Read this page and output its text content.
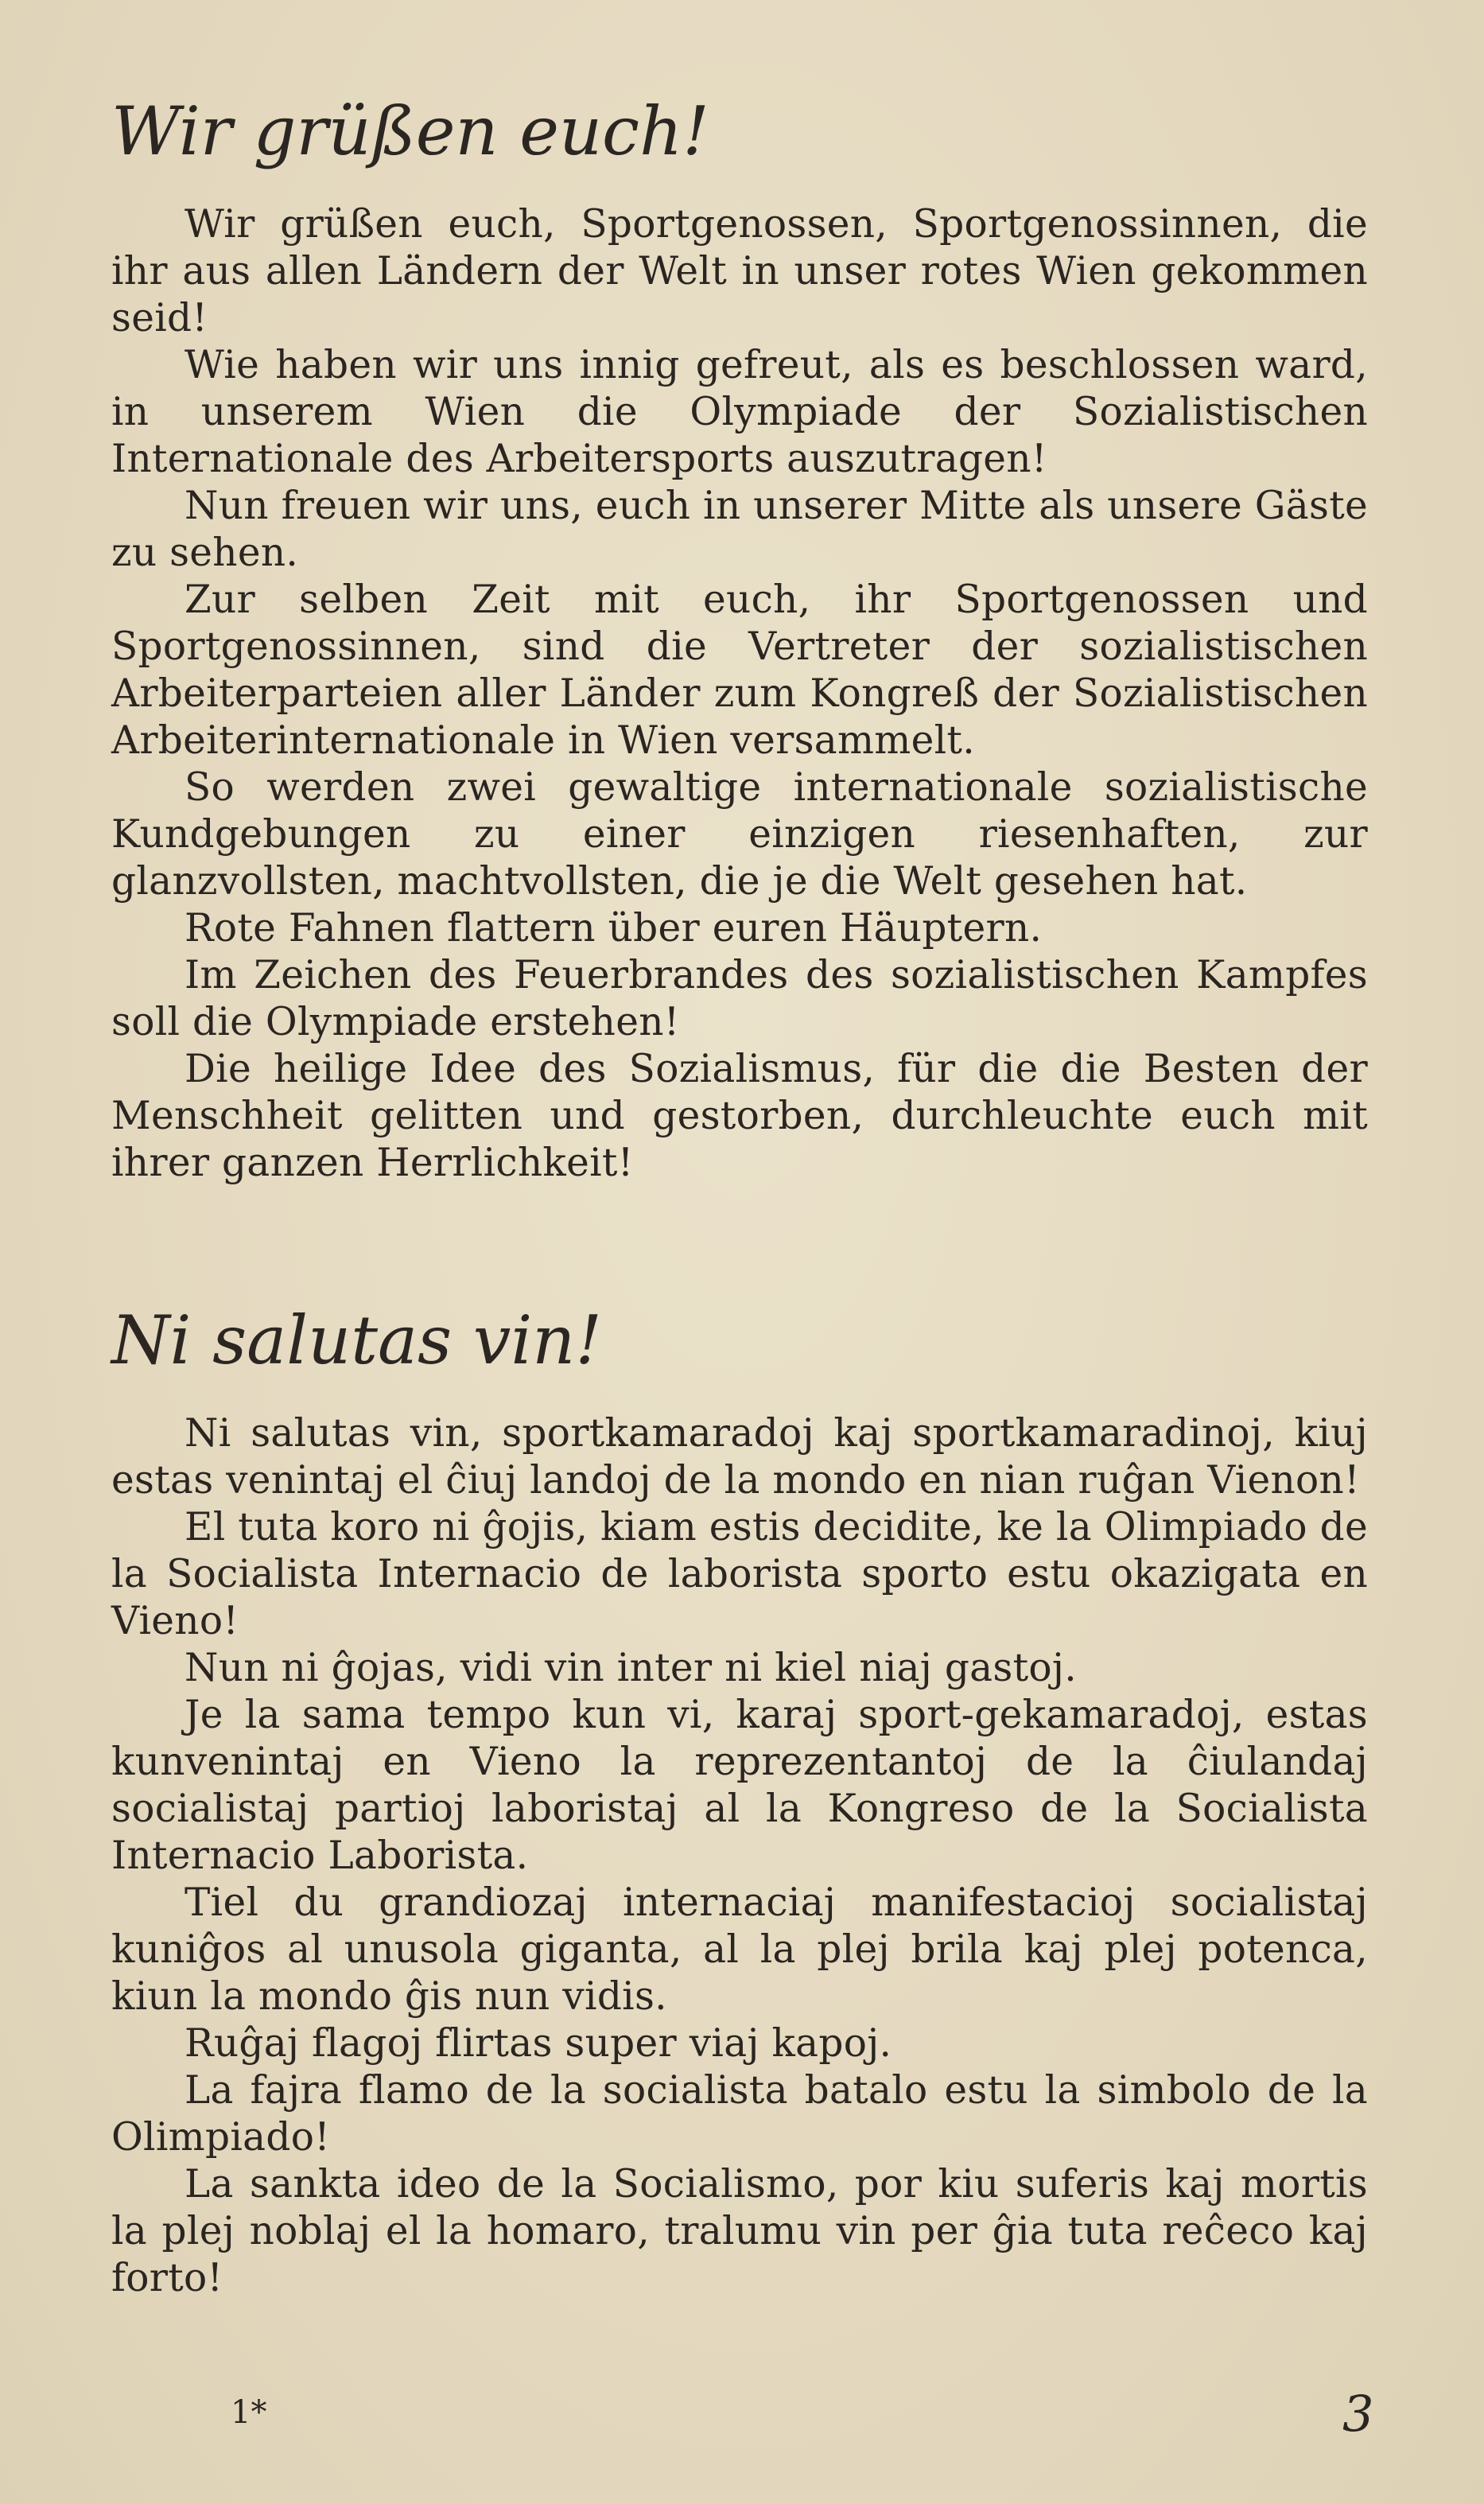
Wir grüßen euch!

Wir grüßen euch, Sportgenossen, Sportgenossinnen, die ihr aus allen Ländern der Welt in unser rotes Wien gekommen seid!

Wie haben wir uns innig gefreut, als es beschlossen ward, in unserem Wien die Olympiade der Sozialistischen Internationale des Arbeitersports auszutragen!

Nun freuen wir uns, euch in unserer Mitte als unsere Gäste zu sehen.

Zur selben Zeit mit euch, ihr Sportgenossen und Sportgenossinnen, sind die Vertreter der sozialistischen Arbeiterparteien aller Länder zum Kongreß der Sozialistischen Arbeiterinternationale in Wien versammelt.

So werden zwei gewaltige internationale sozialistische Kundgebungen zu einer einzigen riesenhaften, zur glanzvollsten, machtvollsten, die je die Welt gesehen hat.

Rote Fahnen flattern über euren Häuptern.

Im Zeichen des Feuerbrandes des sozialistischen Kampfes soll die Olympiade erstehen!

Die heilige Idee des Sozialismus, für die die Besten der Menschheit gelitten und gestorben, durchleuchte euch mit ihrer ganzen Herrlichkeit!

Ni salutas vin!

Ni salutas vin, sportkamaradoj kaj sportkamaradinoj, kiuj estas venintaj el ĉiuj landoj de la mondo en nian ruĝan Vienon!

El tuta koro ni ĝojis, kiam estis decidite, ke la Olimpiado de la Socialista Internacio de laborista sporto estu okazigata en Vieno!

Nun ni ĝojas, vidi vin inter ni kiel niaj gastoj.

Je la sama tempo kun vi, karaj sport-gekamaradoj, estas kunvenintaj en Vieno la reprezentantoj de la ĉiulandaj socialistaj partioj laboristaj al la Kongreso de la Socialista Internacio Laborista.

Tiel du grandiozaj internaciaj manifestacioj socialistaj kuniĝos al unusola giganta, al la plej brila kaj plej potenca, kiun la mondo ĝis nun vidis.

Ruĝaj flagoj flirtas super viaj kapoj.

La fajra flamo de la socialista batalo estu la simbolo de la Olimpiado!

La sankta ideo de la Socialismo, por kiu suferis kaj mortis la plej noblaj el la homaro, tralumu vin per ĝia tuta reĉeco kaj forto!

1*	3
